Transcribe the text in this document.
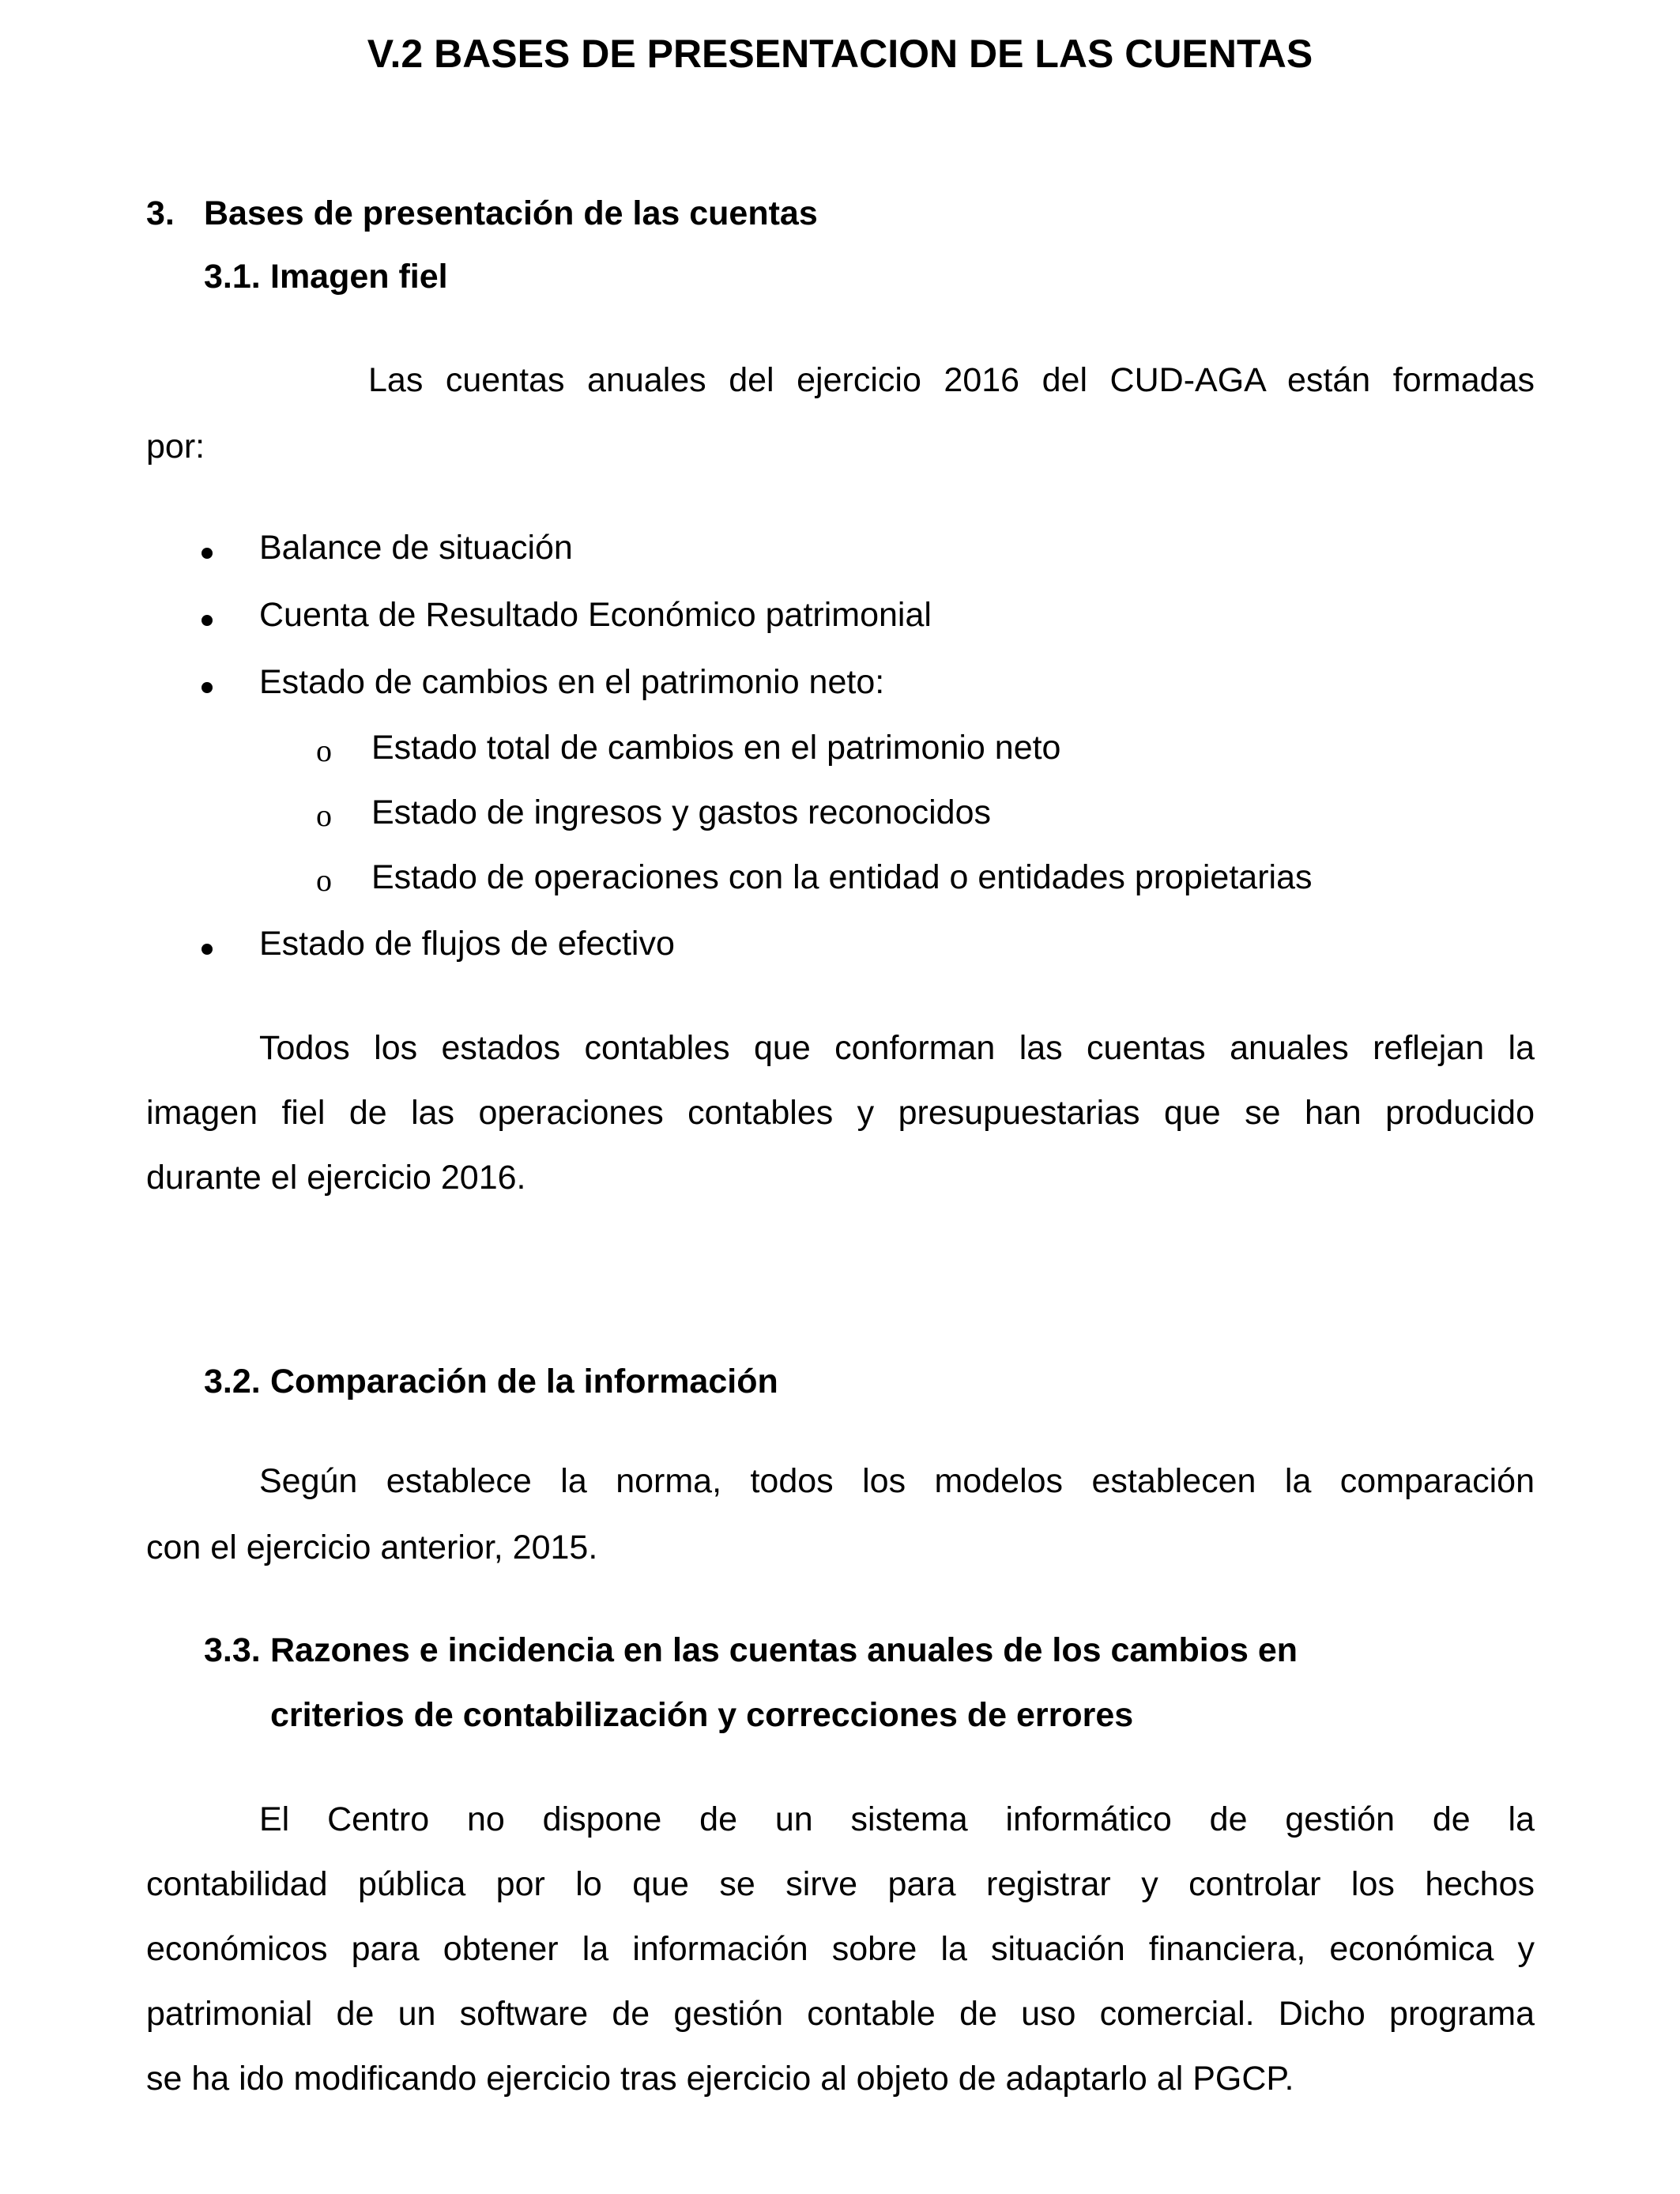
V.2 BASES DE PRESENTACION DE LAS CUENTAS
3. Bases de presentación de las cuentas
3.1. Imagen fiel
Las cuentas anuales del ejercicio 2016 del CUD-AGA están formadas
por:
Balance de situación
Cuenta de Resultado Económico patrimonial
Estado de cambios en el patrimonio neto:
o Estado total de cambios en el patrimonio neto
o Estado de ingresos y gastos reconocidos
o Estado de operaciones con la entidad o entidades propietarias
Estado de flujos de efectivo
Todos los estados contables que conforman las cuentas anuales reflejan la
imagen fiel de las operaciones contables y presupuestarias que se han producido
durante el ejercicio 2016.
3.2. Comparación de la información
Según establece la norma, todos los modelos establecen la comparación
con el ejercicio anterior, 2015.
3.3. Razones e incidencia en las cuentas anuales de los cambios en
criterios de contabilización y correcciones de errores
El Centro no dispone de un sistema informático de gestión de la
contabilidad pública por lo que se sirve para registrar y controlar los hechos
económicos para obtener la información sobre la situación financiera, económica y
patrimonial de un software de gestión contable de uso comercial. Dicho programa
se ha ido modificando ejercicio tras ejercicio al objeto de adaptarlo al PGCP.
